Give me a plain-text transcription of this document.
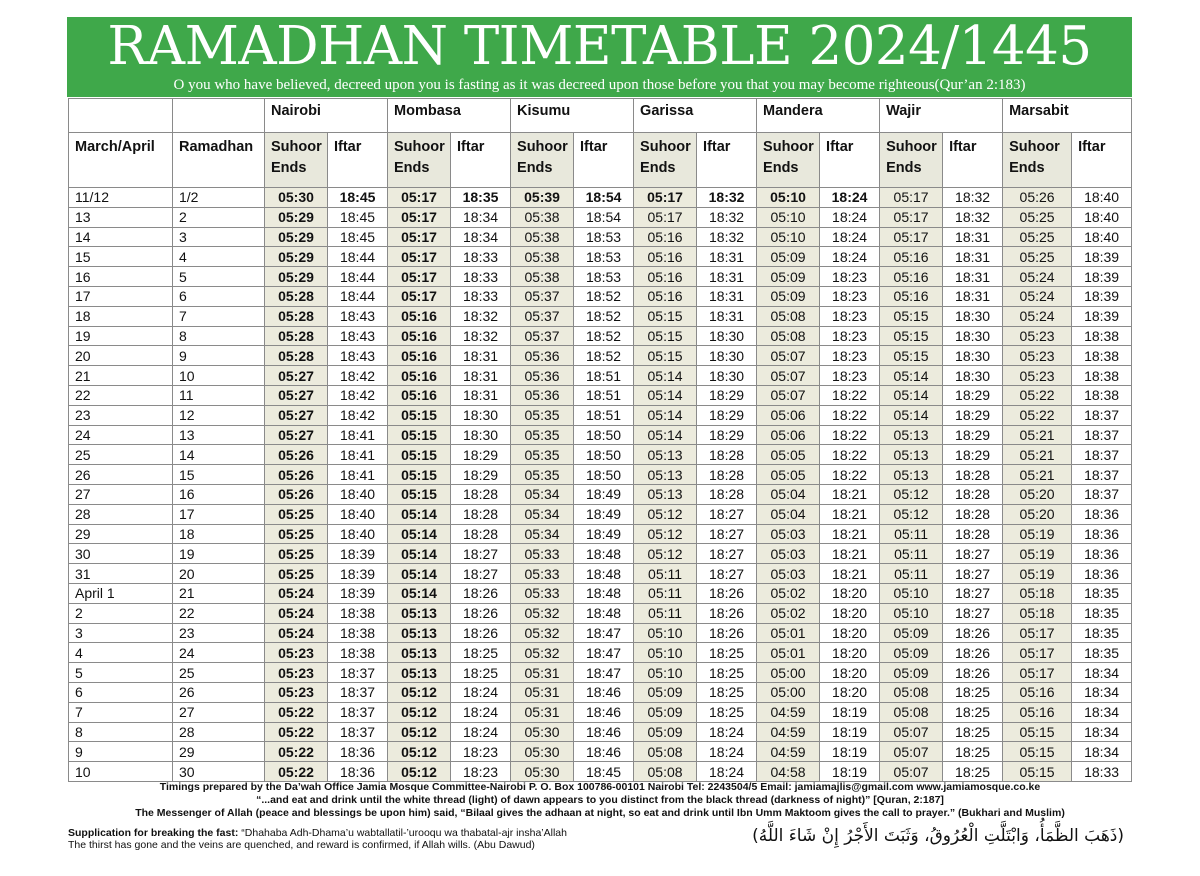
RAMADHAN TIMETABLE 2024/1445
O you who have believed, decreed upon you is fasting as it was decreed upon those before you that you may become righteous(Qur’an 2:183)
		Nairobi		Mombasa		Kisumu		Garissa		Mandera		Wajir		Marsabit	
March/April	Ramadhan	Suhoor Ends	Iftar	Suhoor Ends	Iftar	Suhoor Ends	Iftar	Suhoor Ends	Iftar	Suhoor Ends	Iftar	Suhoor Ends	Iftar	Suhoor Ends	Iftar
11/12	1/2	05:30	18:45	05:17	18:35	05:39	18:54	05:17	18:32	05:10	18:24	05:17	18:32	05:26	18:40
13	2	05:29	18:45	05:17	18:34	05:38	18:54	05:17	18:32	05:10	18:24	05:17	18:32	05:25	18:40
14	3	05:29	18:45	05:17	18:34	05:38	18:53	05:16	18:32	05:10	18:24	05:17	18:31	05:25	18:40
15	4	05:29	18:44	05:17	18:33	05:38	18:53	05:16	18:31	05:09	18:24	05:16	18:31	05:25	18:39
16	5	05:29	18:44	05:17	18:33	05:38	18:53	05:16	18:31	05:09	18:23	05:16	18:31	05:24	18:39
17	6	05:28	18:44	05:17	18:33	05:37	18:52	05:16	18:31	05:09	18:23	05:16	18:31	05:24	18:39
18	7	05:28	18:43	05:16	18:32	05:37	18:52	05:15	18:31	05:08	18:23	05:15	18:30	05:24	18:39
19	8	05:28	18:43	05:16	18:32	05:37	18:52	05:15	18:30	05:08	18:23	05:15	18:30	05:23	18:38
20	9	05:28	18:43	05:16	18:31	05:36	18:52	05:15	18:30	05:07	18:23	05:15	18:30	05:23	18:38
21	10	05:27	18:42	05:16	18:31	05:36	18:51	05:14	18:30	05:07	18:23	05:14	18:30	05:23	18:38
22	11	05:27	18:42	05:16	18:31	05:36	18:51	05:14	18:29	05:07	18:22	05:14	18:29	05:22	18:38
23	12	05:27	18:42	05:15	18:30	05:35	18:51	05:14	18:29	05:06	18:22	05:14	18:29	05:22	18:37
24	13	05:27	18:41	05:15	18:30	05:35	18:50	05:14	18:29	05:06	18:22	05:13	18:29	05:21	18:37
25	14	05:26	18:41	05:15	18:29	05:35	18:50	05:13	18:28	05:05	18:22	05:13	18:29	05:21	18:37
26	15	05:26	18:41	05:15	18:29	05:35	18:50	05:13	18:28	05:05	18:22	05:13	18:28	05:21	18:37
27	16	05:26	18:40	05:15	18:28	05:34	18:49	05:13	18:28	05:04	18:21	05:12	18:28	05:20	18:37
28	17	05:25	18:40	05:14	18:28	05:34	18:49	05:12	18:27	05:04	18:21	05:12	18:28	05:20	18:36
29	18	05:25	18:40	05:14	18:28	05:34	18:49	05:12	18:27	05:03	18:21	05:11	18:28	05:19	18:36
30	19	05:25	18:39	05:14	18:27	05:33	18:48	05:12	18:27	05:03	18:21	05:11	18:27	05:19	18:36
31	20	05:25	18:39	05:14	18:27	05:33	18:48	05:11	18:27	05:03	18:21	05:11	18:27	05:19	18:36
April 1	21	05:24	18:39	05:14	18:26	05:33	18:48	05:11	18:26	05:02	18:20	05:10	18:27	05:18	18:35
2	22	05:24	18:38	05:13	18:26	05:32	18:48	05:11	18:26	05:02	18:20	05:10	18:27	05:18	18:35
3	23	05:24	18:38	05:13	18:26	05:32	18:47	05:10	18:26	05:01	18:20	05:09	18:26	05:17	18:35
4	24	05:23	18:38	05:13	18:25	05:32	18:47	05:10	18:25	05:01	18:20	05:09	18:26	05:17	18:35
5	25	05:23	18:37	05:13	18:25	05:31	18:47	05:10	18:25	05:00	18:20	05:09	18:26	05:17	18:34
6	26	05:23	18:37	05:12	18:24	05:31	18:46	05:09	18:25	05:00	18:20	05:08	18:25	05:16	18:34
7	27	05:22	18:37	05:12	18:24	05:31	18:46	05:09	18:25	04:59	18:19	05:08	18:25	05:16	18:34
8	28	05:22	18:37	05:12	18:24	05:30	18:46	05:09	18:24	04:59	18:19	05:07	18:25	05:15	18:34
9	29	05:22	18:36	05:12	18:23	05:30	18:46	05:08	18:24	04:59	18:19	05:07	18:25	05:15	18:34
10	30	05:22	18:36	05:12	18:23	05:30	18:45	05:08	18:24	04:58	18:19	05:07	18:25	05:15	18:33
Timings prepared by the Da’wah Office Jamia Mosque Committee-Nairobi P. O. Box 100786-00101 Nairobi Tel: 2243504/5 Email: jamiamajlis@gmail.com www.jamiamosque.co.ke
“...and eat and drink until the white thread (light) of dawn appears to you distinct from the black thread (darkness of night)” [Quran, 2:187]
The Messenger of Allah (peace and blessings be upon him) said, “Bilaal gives the adhaan at night, so eat and drink until Ibn Umm Maktoom gives the call to prayer.” (Bukhari and Muslim)
Supplication for breaking the fast: “Dhahaba Adh-Dhama’u wabtallatil-’urooqu wa thabatal-ajr insha’Allah
The thirst has gone and the veins are quenched, and reward is confirmed, if Allah wills. (Abu Dawud)	(ذَهَبَ الظَّمَأُ، وَابْتَلَّتِ الْعُرُوقُ، وَثَبَتَ الأَجْرُ إِنْ شَاءَ اللَّهُ)
